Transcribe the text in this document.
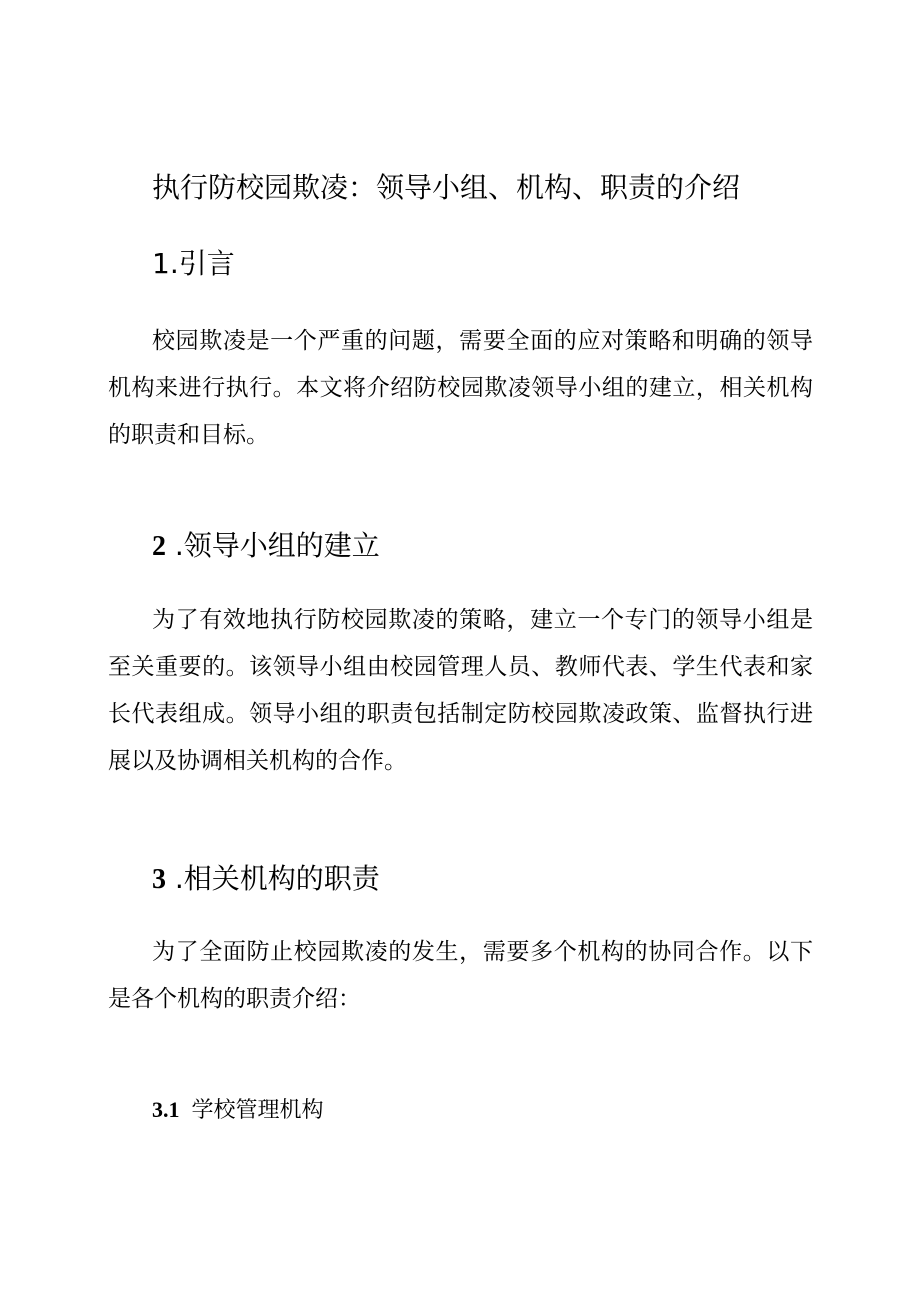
执行防校园欺凌：领导小组、机构、职责的介绍
1.引言
校园欺凌是一个严重的问题，需要全面的应对策略和明确的领导
机构来进行执行。本文将介绍防校园欺凌领导小组的建立，相关机构
的职责和目标。
2 .领导小组的建立
为了有效地执行防校园欺凌的策略，建立一个专门的领导小组是
至关重要的。该领导小组由校园管理人员、教师代表、学生代表和家
长代表组成。领导小组的职责包括制定防校园欺凌政策、监督执行进
展以及协调相关机构的合作。
3 .相关机构的职责
为了全面防止校园欺凌的发生，需要多个机构的协同合作。以下
是各个机构的职责介绍：
3.1 学校管理机构
